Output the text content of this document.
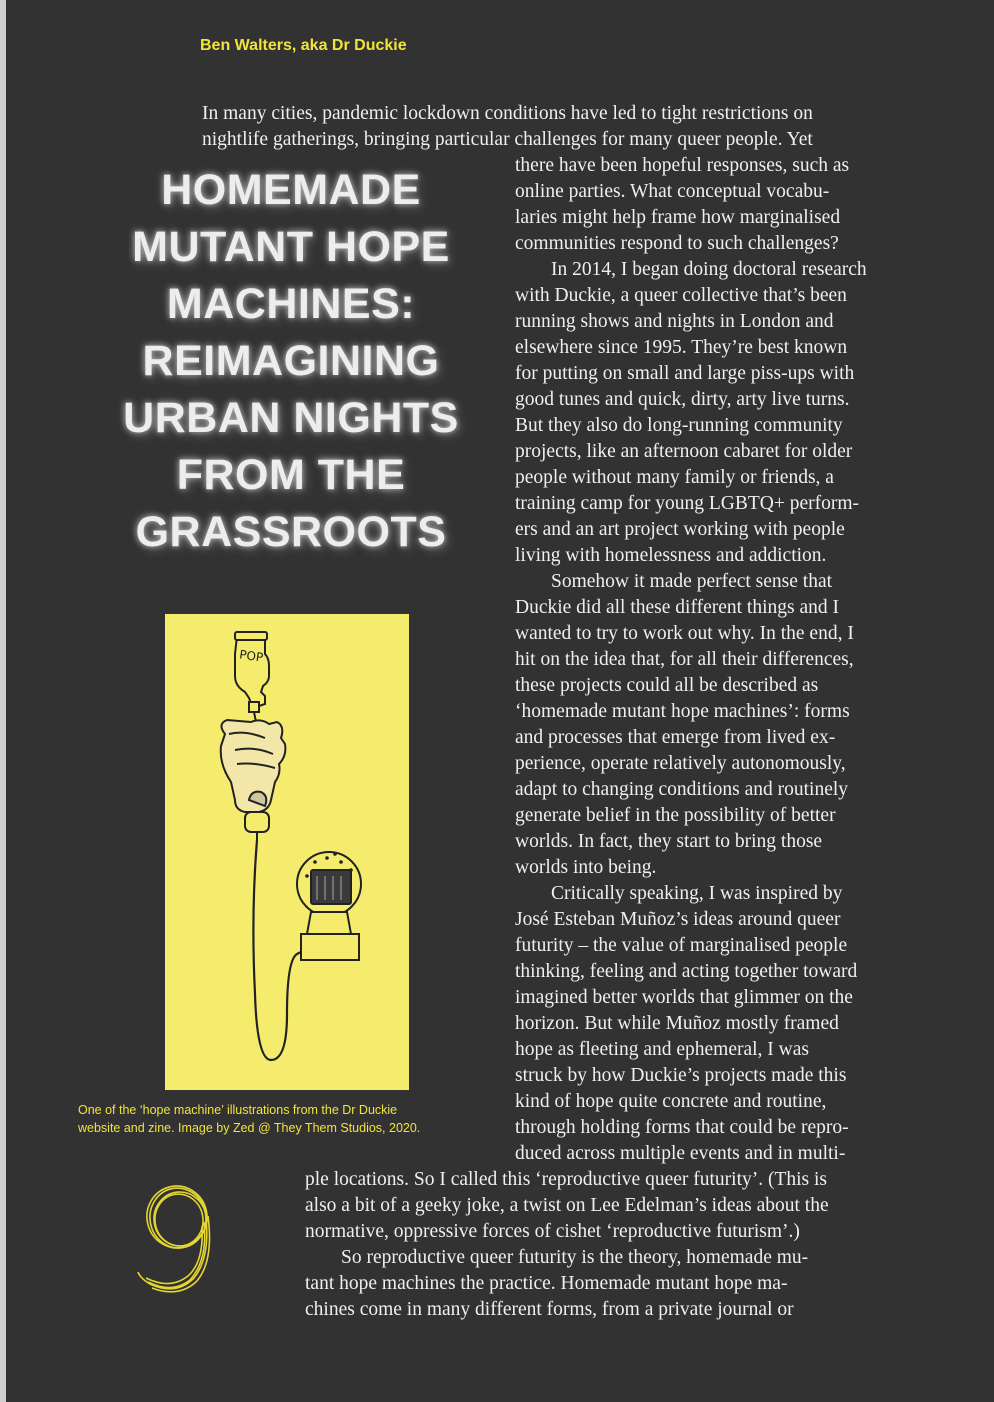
Ben Walters, aka Dr Duckie
In many cities, pandemic lockdown conditions have led to tight restrictions on
nightlife gatherings, bringing particular challenges for many queer people. Yet
HOMEMADE
MUTANT HOPE
MACHINES:
REIMAGINING
URBAN NIGHTS
FROM THE
GRASSROOTS
there have been hopeful responses, such as
online parties. What conceptual vocabu-
laries might help frame how marginalised
communities respond to such challenges?
In 2014, I began doing doctoral research
with Duckie, a queer collective that’s been
running shows and nights in London and
elsewhere since 1995. They’re best known
for putting on small and large piss-ups with
good tunes and quick, dirty, arty live turns.
But they also do long-running community
projects, like an afternoon cabaret for older
people without many family or friends, a
training camp for young LGBTQ+ perform-
ers and an art project working with people
living with homelessness and addiction.
Somehow it made perfect sense that
Duckie did all these different things and I
wanted to try to work out why. In the end, I
hit on the idea that, for all their differences,
these projects could all be described as
‘homemade mutant hope machines’: forms
and processes that emerge from lived ex-
perience, operate relatively autonomously,
adapt to changing conditions and routinely
generate belief in the possibility of better
worlds. In fact, they start to bring those
worlds into being.
Critically speaking, I was inspired by
José Esteban Muñoz’s ideas around queer
futurity – the value of marginalised people
thinking, feeling and acting together toward
imagined better worlds that glimmer on the
horizon. But while Muñoz mostly framed
hope as fleeting and ephemeral, I was
struck by how Duckie’s projects made this
kind of hope quite concrete and routine,
through holding forms that could be repro-
duced across multiple events and in multi-
ple locations. So I called this ‘reproductive queer futurity’. (This is
also a bit of a geeky joke, a twist on Lee Edelman’s ideas about the
normative, oppressive forces of cishet ‘reproductive futurism’.)
So reproductive queer futurity is the theory, homemade mu-
tant hope machines the practice. Homemade mutant hope ma-
chines come in many different forms, from a private journal or
POP
One of the ‘hope machine’ illustrations from the Dr Duckie
website and zine. Image by Zed @ They Them Studios, 2020.
